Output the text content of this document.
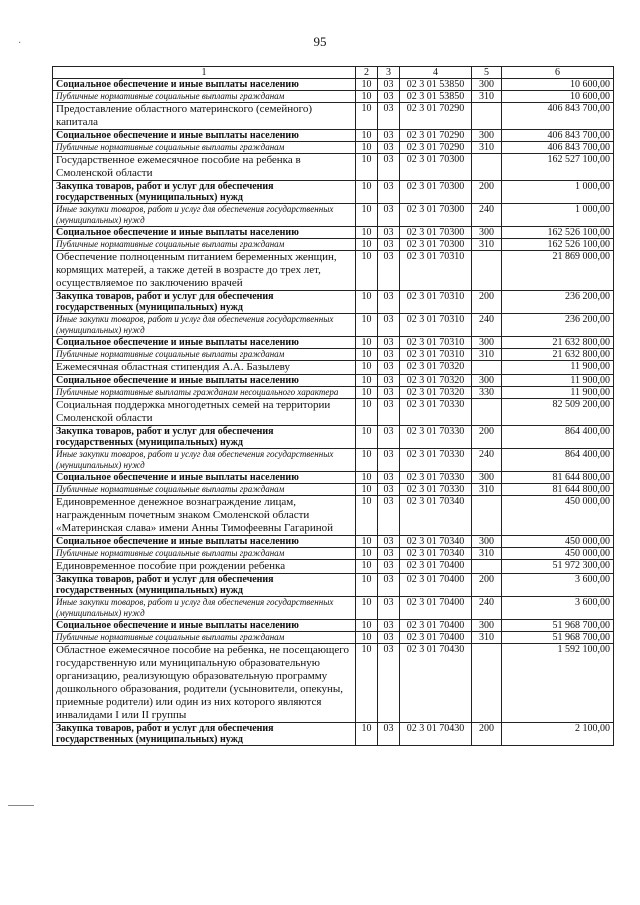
·	95
1	2	3	4	5	6
Социальное обеспечение и иные выплаты населению	10	03	02 3 01 53850	300	10 600,00
Публичные нормативные социальные выплаты гражданам	10	03	02 3 01 53850	310	10 600,00
Предоставление областного материнского (семейного) капитала	10	03	02 3 01 70290		406 843 700,00
Социальное обеспечение и иные выплаты населению	10	03	02 3 01 70290	300	406 843 700,00
Публичные нормативные социальные выплаты гражданам	10	03	02 3 01 70290	310	406 843 700,00
Государственное ежемесячное пособие на ребенка в Смоленской области	10	03	02 3 01 70300		162 527 100,00
Закупка товаров, работ и услуг для обеспечения государственных (муниципальных) нужд	10	03	02 3 01 70300	200	1 000,00
Иные закупки товаров, работ и услуг для обеспечения государственных (муниципальных) нужд	10	03	02 3 01 70300	240	1 000,00
Социальное обеспечение и иные выплаты населению	10	03	02 3 01 70300	300	162 526 100,00
Публичные нормативные социальные выплаты гражданам	10	03	02 3 01 70300	310	162 526 100,00
Обеспечение полноценным питанием беременных женщин, кормящих матерей, а также детей в возрасте до трех лет, осуществляемое по заключению врачей	10	03	02 3 01 70310		21 869 000,00
Закупка товаров, работ и услуг для обеспечения государственных (муниципальных) нужд	10	03	02 3 01 70310	200	236 200,00
Иные закупки товаров, работ и услуг для обеспечения государственных (муниципальных) нужд	10	03	02 3 01 70310	240	236 200,00
Социальное обеспечение и иные выплаты населению	10	03	02 3 01 70310	300	21 632 800,00
Публичные нормативные социальные выплаты гражданам	10	03	02 3 01 70310	310	21 632 800,00
Ежемесячная областная стипендия А.А. Базылеву	10	03	02 3 01 70320		11 900,00
Социальное обеспечение и иные выплаты населению	10	03	02 3 01 70320	300	11 900,00
Публичные нормативные выплаты гражданам несоциального характера	10	03	02 3 01 70320	330	11 900,00
Социальная поддержка многодетных семей на территории Смоленской области	10	03	02 3 01 70330		82 509 200,00
Закупка товаров, работ и услуг для обеспечения государственных (муниципальных) нужд	10	03	02 3 01 70330	200	864 400,00
Иные закупки товаров, работ и услуг для обеспечения государственных (муниципальных) нужд	10	03	02 3 01 70330	240	864 400,00
Социальное обеспечение и иные выплаты населению	10	03	02 3 01 70330	300	81 644 800,00
Публичные нормативные социальные выплаты гражданам	10	03	02 3 01 70330	310	81 644 800,00
Единовременное денежное вознаграждение лицам, награжденным почетным знаком Смоленской области «Материнская слава» имени Анны Тимофеевны Гагариной	10	03	02 3 01 70340		450 000,00
Социальное обеспечение и иные выплаты населению	10	03	02 3 01 70340	300	450 000,00
Публичные нормативные социальные выплаты гражданам	10	03	02 3 01 70340	310	450 000,00
Единовременное пособие при рождении ребенка	10	03	02 3 01 70400		51 972 300,00
Закупка товаров, работ и услуг для обеспечения государственных (муниципальных) нужд	10	03	02 3 01 70400	200	3 600,00
Иные закупки товаров, работ и услуг для обеспечения государственных (муниципальных) нужд	10	03	02 3 01 70400	240	3 600,00
Социальное обеспечение и иные выплаты населению	10	03	02 3 01 70400	300	51 968 700,00
Публичные нормативные социальные выплаты гражданам	10	03	02 3 01 70400	310	51 968 700,00
Областное ежемесячное пособие на ребенка, не посещающего государственную или муниципальную образовательную организацию, реализующую образовательную программу дошкольного образования, родители (усыновители, опекуны, приемные родители) или один из них которого являются инвалидами I или II группы	10	03	02 3 01 70430		1 592 100,00
Закупка товаров, работ и услуг для обеспечения государственных (муниципальных) нужд	10	03	02 3 01 70430	200	2 100,00
